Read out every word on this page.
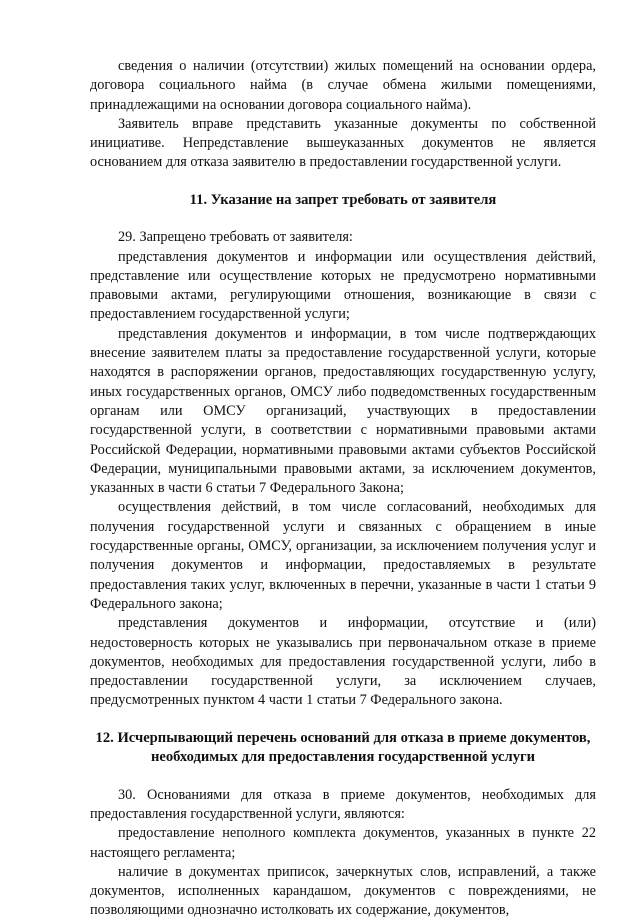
сведения о наличии (отсутствии) жилых помещений на основании ордера, договора социального найма (в случае обмена жилыми помещениями, принадлежащими на основании договора социального найма).

Заявитель вправе представить указанные документы по собственной инициативе. Непредставление вышеуказанных документов не является основанием для отказа заявителю в предоставлении государственной услуги.

11. Указание на запрет требовать от заявителя

29. Запрещено требовать от заявителя:

представления документов и информации или осуществления действий, представление или осуществление которых не предусмотрено нормативными правовыми актами, регулирующими отношения, возникающие в связи с предоставлением государственной услуги;

представления документов и информации, в том числе подтверждающих внесение заявителем платы за предоставление государственной услуги, которые находятся в распоряжении органов, предоставляющих государственную услугу, иных государственных органов, ОМСУ либо подведомственных государственным органам или ОМСУ организаций, участвующих в предоставлении государственной услуги, в соответствии с нормативными правовыми актами Российской Федерации, нормативными правовыми актами субъектов Российской Федерации, муниципальными правовыми актами, за исключением документов, указанных в части 6 статьи 7 Федерального Закона;

осуществления действий, в том числе согласований, необходимых для получения государственной услуги и связанных с обращением в иные государственные органы, ОМСУ, организации, за исключением получения услуг и получения документов и информации, предоставляемых в результате предоставления таких услуг, включенных в перечни, указанные в части 1 статьи 9 Федерального закона;

представления документов и информации, отсутствие и (или) недостоверность которых не указывались при первоначальном отказе в приеме документов, необходимых для предоставления государственной услуги, либо в предоставлении государственной услуги, за исключением случаев, предусмотренных пунктом 4 части 1 статьи 7 Федерального закона.

12. Исчерпывающий перечень оснований для отказа в приеме документов, необходимых для предоставления государственной услуги

30. Основаниями для отказа в приеме документов, необходимых для предоставления государственной услуги, являются:

предоставление неполного комплекта документов, указанных в пункте 22 настоящего регламента;

наличие в документах приписок, зачеркнутых слов, исправлений, а также документов, исполненных карандашом, документов с повреждениями, не позволяющими однозначно истолковать их содержание, документов,
